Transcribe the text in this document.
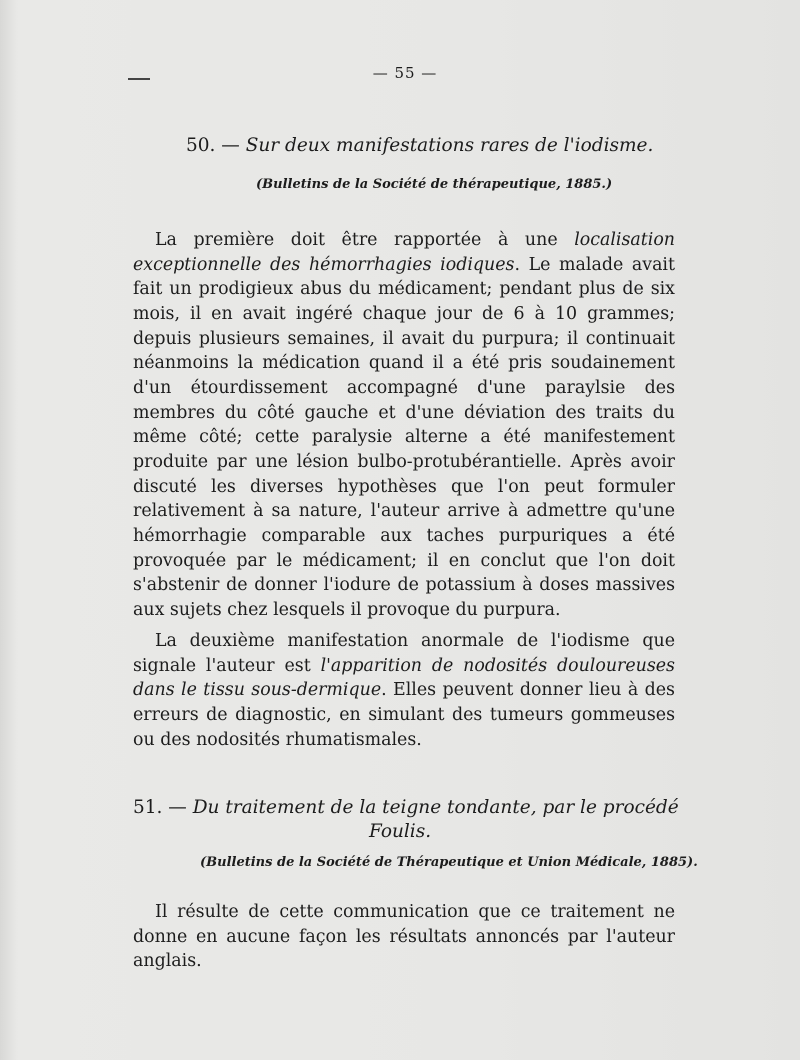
— 55 —
50. — Sur deux manifestations rares de l'iodisme.
(Bulletins de la Société de thérapeutique, 1885.)

La première doit être rapportée à une localisation exceptionnelle des hémorrhagies iodiques. Le malade avait fait un prodigieux abus du médicament; pendant plus de six mois, il en avait ingéré chaque jour de 6 à 10 grammes; depuis plusieurs semaines, il avait du purpura; il continuait néanmoins la médication quand il a été pris soudainement d'un étourdissement accompagné d'une paraylsie des membres du côté gauche et d'une déviation des traits du même côté; cette paralysie alterne a été manifestement produite par une lésion bulbo-protubérantielle. Après avoir discuté les diverses hypothèses que l'on peut formuler relativement à sa nature, l'auteur arrive à admettre qu'une hémorrhagie comparable aux taches purpuriques a été provoquée par le médicament; il en conclut que l'on doit s'abstenir de donner l'iodure de potassium à doses massives aux sujets chez lesquels il provoque du purpura.

La deuxième manifestation anormale de l'iodisme que signale l'auteur est l'apparition de nodosités douloureuses dans le tissu sous-dermique. Elles peuvent donner lieu à des erreurs de diagnostic, en simulant des tumeurs gommeuses ou des nodosités rhumatismales.

51. — Du traitement de la teigne tondante, par le procédé
Foulis.
(Bulletins de la Société de Thérapeutique et Union Médicale, 1885).

Il résulte de cette communication que ce traitement ne donne en aucune façon les résultats annoncés par l'auteur anglais.
